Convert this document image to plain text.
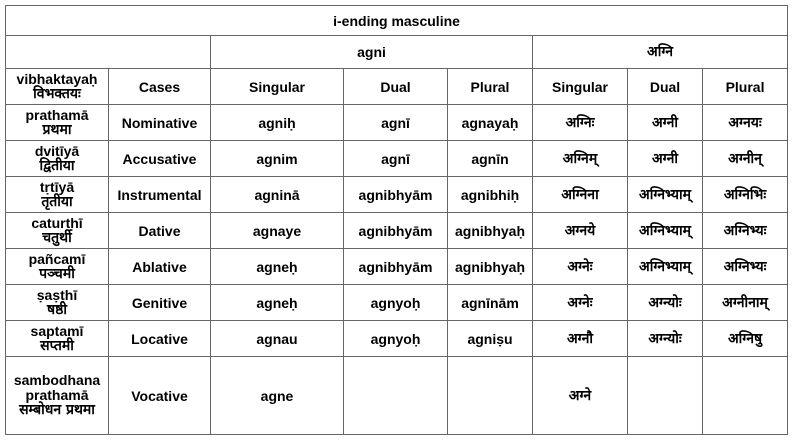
i-ending masculine							
		agni			अग्नि		

vibhaktayaḥ
विभक्तयः	Cases	Singular	Dual	Plural	Singular	Dual	Plural

prathamā
प्रथमा	Nominative	agniḥ	agnī	agnayaḥ	अग्निः	अग्नी	अग्नयः

dvitīyā
द्वितीया	Accusative	agnim	agnī	agnīn	अग्निम्	अग्नी	अग्नीन्

tṛtīyā
तृतीया	Instrumental	agninā	agnibhyām	agnibhiḥ	अग्निना	अग्निभ्याम्	अग्निभिः

caturthī
चतुर्थी	Dative	agnaye	agnibhyām	agnibhyaḥ	अग्नये	अग्निभ्याम्	अग्निभ्यः

pañcamī
पञ्चमी	Ablative	agneḥ	agnibhyām	agnibhyaḥ	अग्नेः	अग्निभ्याम्	अग्निभ्यः

ṣaṣṭhī
षष्ठी	Genitive	agneḥ	agnyoḥ	agnīnām	अग्नेः	अग्न्योः	अग्नीनाम्

saptamī
सप्तमी	Locative	agnau	agnyoḥ	agniṣu	अग्नौ	अग्न्योः	अग्निषु

sambodhana
prathamā
सम्बोधन प्रथमा	Vocative	agne			अग्ने		
